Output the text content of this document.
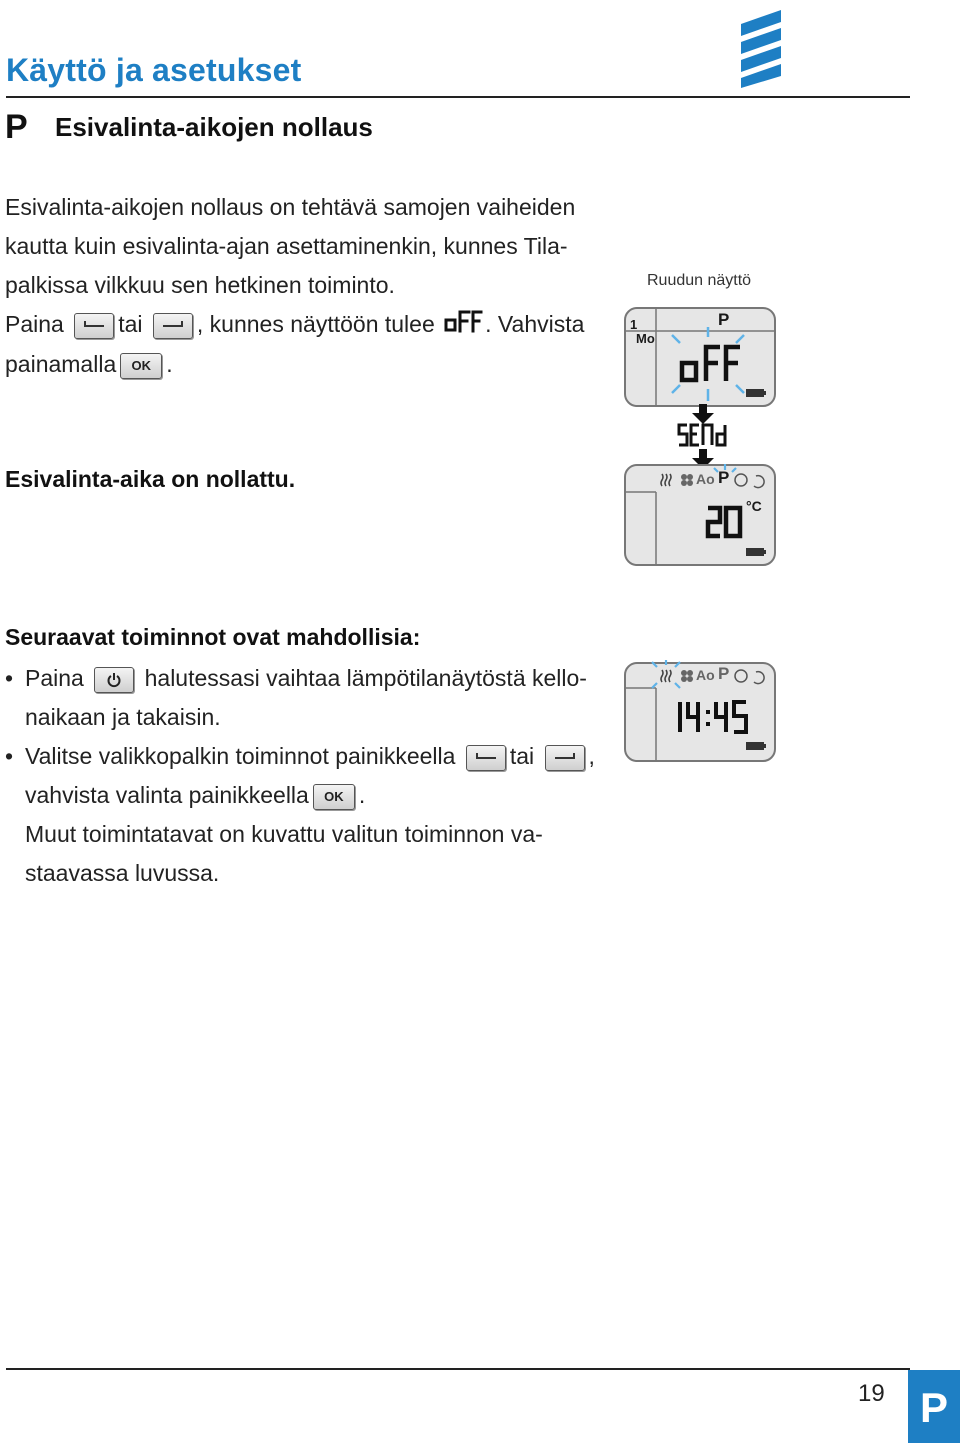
Käyttö ja asetukset
P Esivalinta-aikojen nollaus
Esivalinta-aikojen nollaus on tehtävä samojen vaiheiden
kautta kuin esivalinta-ajan asettaminenkin, kunnes Tila-
palkissa vilkkuu sen hetkinen toiminto.
Paina tai , kunnes näyttöön tulee . Vahvista
painamalla OK .
Ruudun näyttö
1
Mo
P
Esivalinta-aika on nollattu.	Ao P
°C
Seuraavat toiminnot ovat mahdollisia:
• Paina	halutessasi vaihtaa lämpötilanäytöstä kello-
naikaan ja takaisin.
• Valitse valikkopalkin toiminnot painikkeella tai ,
vahvista valinta painikkeella OK .
Muut toimintatavat on kuvattu valitun toiminnon va-
staavassa luvussa.
Ao P
19 P
